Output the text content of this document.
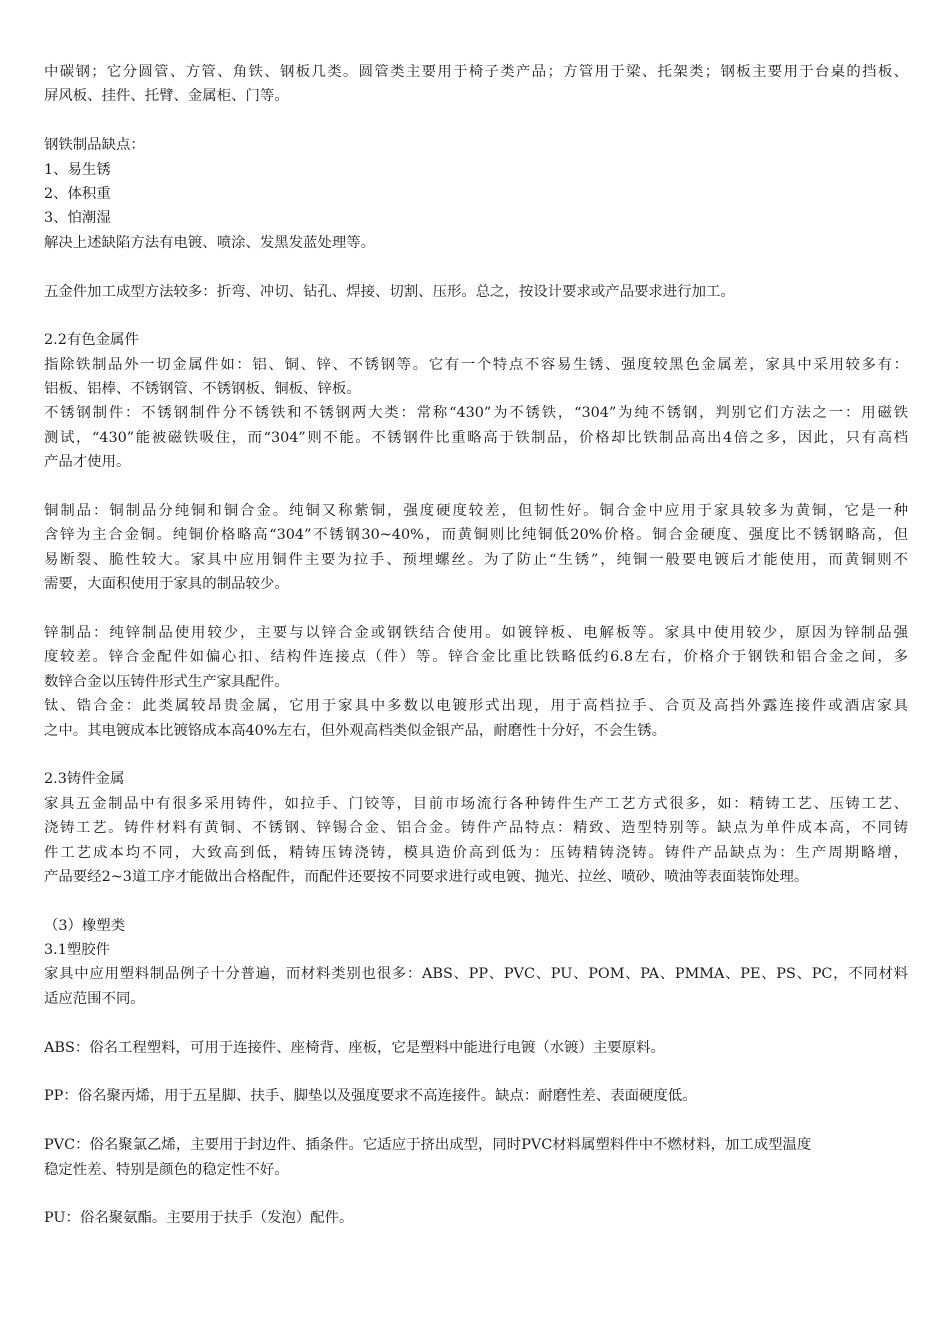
中碳钢；它分圆管、方管、角铁、钢板几类。圆管类主要用于椅子类产品；方管用于梁、托架类；钢板主要用于台桌的挡板、
屏风板、挂件、托臂、金属柜、门等。
钢铁制品缺点：
1、易生锈
2、体积重
3、怕潮湿
解决上述缺陷方法有电镀、喷涂、发黑发蓝处理等。
五金件加工成型方法较多：折弯、冲切、钻孔、焊接、切割、压形。总之，按设计要求或产品要求进行加工。
2.2有色金属件
指除铁制品外一切金属件如：铝、铜、锌、不锈钢等。它有一个特点不容易生锈、强度较黑色金属差，家具中采用较多有：
铝板、铝棒、不锈钢管、不锈钢板、铜板、锌板。
不锈钢制件：不锈钢制件分不锈铁和不锈钢两大类：常称“430”为不锈铁，“304”为纯不锈钢，判别它们方法之一：用磁铁
测试，“430”能被磁铁吸住，而“304”则不能。不锈钢件比重略高于铁制品，价格却比铁制品高出4倍之多，因此，只有高档
产品才使用。
铜制品：铜制品分纯铜和铜合金。纯铜又称紫铜，强度硬度较差，但韧性好。铜合金中应用于家具较多为黄铜，它是一种
含锌为主合金铜。纯铜价格略高“304”不锈钢30~40%，而黄铜则比纯铜低20%价格。铜合金硬度、强度比不锈钢略高，但
易断裂、脆性较大。家具中应用铜件主要为拉手、预埋螺丝。为了防止“生锈”，纯铜一般要电镀后才能使用，而黄铜则不
需要，大面积使用于家具的制品较少。
锌制品：纯锌制品使用较少，主要与以锌合金或钢铁结合使用。如镀锌板、电解板等。家具中使用较少，原因为锌制品强
度较差。锌合金配件如偏心扣、结构件连接点（件）等。锌合金比重比铁略低约6.8左右，价格介于钢铁和铝合金之间，多
数锌合金以压铸件形式生产家具配件。
钛、锆合金：此类属较昂贵金属，它用于家具中多数以电镀形式出现，用于高档拉手、合页及高挡外露连接件或酒店家具
之中。其电镀成本比镀铬成本高40%左右，但外观高档类似金银产品，耐磨性十分好，不会生锈。
2.3铸件金属
家具五金制品中有很多采用铸件，如拉手、门铰等，目前市场流行各种铸件生产工艺方式很多，如：精铸工艺、压铸工艺、
浇铸工艺。铸件材料有黄铜、不锈钢、锌锡合金、铝合金。铸件产品特点：精致、造型特别等。缺点为单件成本高，不同铸
件工艺成本均不同，大致高到低，精铸压铸浇铸，模具造价高到低为：压铸精铸浇铸。铸件产品缺点为：生产周期略增，
产品要经2~3道工序才能做出合格配件，而配件还要按不同要求进行或电镀、抛光、拉丝、喷砂、喷油等表面装饰处理。
（3）橡塑类
3.1塑胶件
家具中应用塑料制品例子十分普遍，而材料类别也很多：ABS、PP、PVC、PU、POM、PA、PMMA、PE、PS、PC，不同材料
适应范围不同。
ABS：俗名工程塑料，可用于连接件、座椅背、座板，它是塑料中能进行电镀（水镀）主要原料。
PP：俗名聚丙烯，用于五星脚、扶手、脚垫以及强度要求不高连接件。缺点：耐磨性差、表面硬度低。
PVC：俗名聚氯乙烯，主要用于封边件、插条件。它适应于挤出成型，同时PVC材料属塑料件中不燃材料，加工成型温度
稳定性差、特别是颜色的稳定性不好。
PU：俗名聚氨酯。主要用于扶手（发泡）配件。
